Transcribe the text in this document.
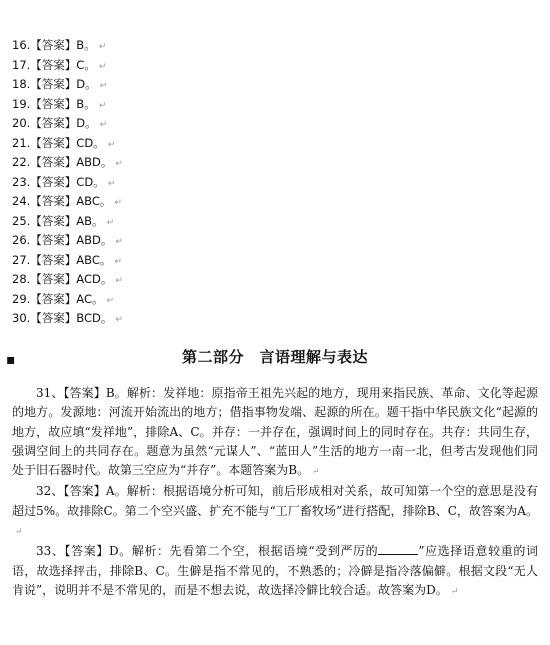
16.【答案】B。 ↵
17.【答案】C。 ↵
18.【答案】D。 ↵
19.【答案】B。 ↵
20.【答案】D。 ↵
21.【答案】CD。 ↵
22.【答案】ABD。 ↵
23.【答案】CD。 ↵
24.【答案】ABC。 ↵
25.【答案】AB。 ↵
26.【答案】ABD。 ↵
27.【答案】ABC。 ↵
28.【答案】ACD。 ↵
29.【答案】AC。 ↵
30.【答案】BCD。 ↵
▪	第二部分　言语理解与表达

31、【答案】B。解析：发祥地：原指帝王祖先兴起的地方，现用来指民族、革命、文化等起源的地方。发源地：河流开始流出的地方；借指事物发端、起源的所在。题干指中华民族文化“起源的地方，故应填“发祥地”，排除A、C。并存：一并存在，强调时间上的同时存在。共存：共同生存，强调空间上的共同存在。题意为虽然“元谋人”、“蓝田人”生活的地方一南一北，但考古发现他们同处于旧石器时代。故第三空应为“并存”。本题答案为B。 ↵

32、【答案】A。解析：根据语境分析可知，前后形成相对关系，故可知第一个空的意思是没有超过5%。故排除C。第二个空兴盛、扩充不能与“工厂畜牧场”进行搭配，排除B、C，故答案为A。↵

33、【答案】D。解析：先看第二个空，根据语境“受到严厉的	”应选择语意较重的词语，故选择抨击，排除B、C。生僻是指不常见的，不熟悉的；冷僻是指冷落偏僻。根据文段“无人肯说”，说明并不是不常见的，而是不想去说，故选择冷僻比较合适。故答案为D。 ↵
